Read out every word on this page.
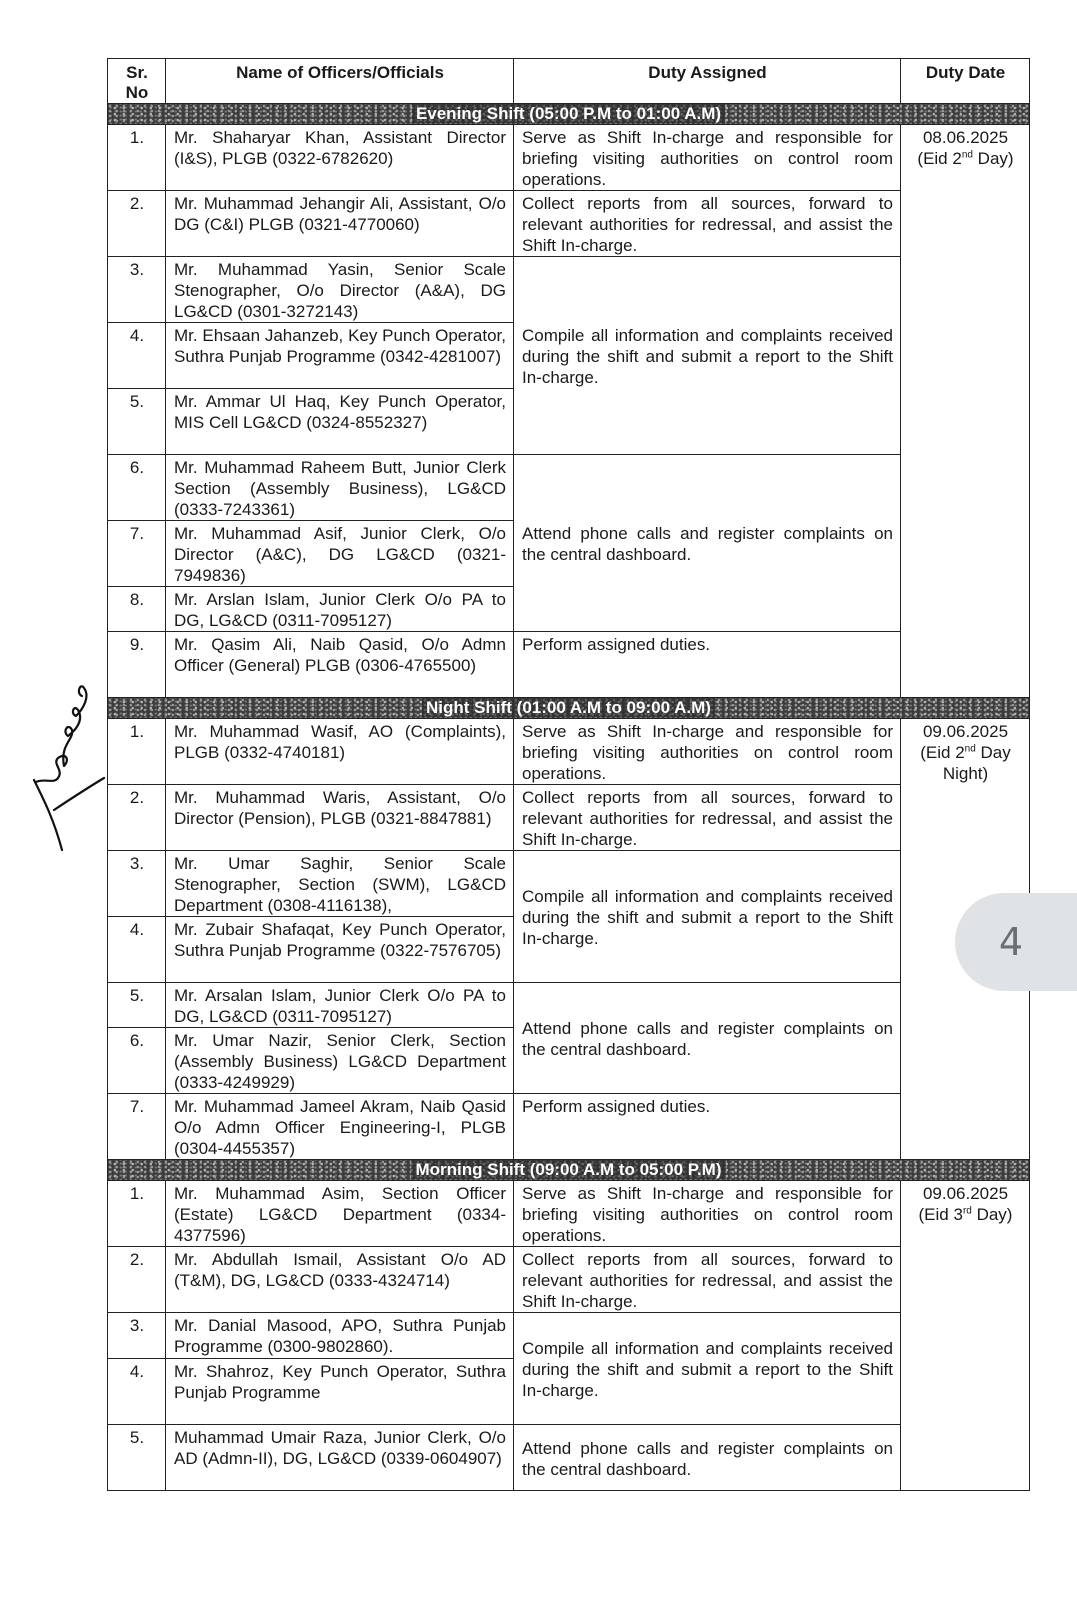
Sr. No	Name of Officers/Officials	Duty Assigned	Duty Date
Evening Shift (05:00 P.M to 01:00 A.M)			
1.	Mr. Shaharyar Khan, Assistant Director (I&S), PLGB (0322-6782620)	Serve as Shift In-charge and responsible for briefing visiting authorities on control room operations.	08.06.2025
(Eid 2nd Day)

2.	Mr. Muhammad Jehangir Ali, Assistant, O/o DG (C&I) PLGB (0321-4770060)	Collect reports from all sources, forward to relevant authorities for redressal, and assist the Shift In-charge.	
3.	Mr. Muhammad Yasin, Senior Scale Stenographer, O/o Director (A&A), DG LG&CD (0301-3272143)	Compile all information and complaints received during the shift and submit a report to the Shift In-charge.	
4.	Mr. Ehsaan Jahanzeb, Key Punch Operator, Suthra Punjab Programme (0342-4281007)		
5.	Mr. Ammar Ul Haq, Key Punch Operator, MIS Cell LG&CD (0324-8552327)		
6.	Mr. Muhammad Raheem Butt, Junior Clerk Section (Assembly Business), LG&CD (0333-7243361)	Attend phone calls and register complaints on the central dashboard.	
7.	Mr. Muhammad Asif, Junior Clerk, O/o Director (A&C), DG LG&CD (0321-7949836)		
8.	Mr. Arslan Islam, Junior Clerk O/o PA to DG, LG&CD (0311-7095127)		
9.	Mr. Qasim Ali, Naib Qasid, O/o Admn Officer (General) PLGB (0306-4765500)	Perform assigned duties.	
Night Shift (01:00 A.M to 09:00 A.M)			
1.	Mr. Muhammad Wasif, AO (Complaints), PLGB (0332-4740181)	Serve as Shift In-charge and responsible for briefing visiting authorities on control room operations.	09.06.2025
(Eid 2nd Day Night)

2.	Mr. Muhammad Waris, Assistant, O/o Director (Pension), PLGB (0321-8847881)	Collect reports from all sources, forward to relevant authorities for redressal, and assist the Shift In-charge.	
3.	Mr. Umar Saghir, Senior Scale Stenographer, Section (SWM), LG&CD Department (0308-4116138),	Compile all information and complaints received during the shift and submit a report to the Shift In-charge.	
4.	Mr. Zubair Shafaqat, Key Punch Operator, Suthra Punjab Programme (0322-7576705)		
5.	Mr. Arsalan Islam, Junior Clerk O/o PA to DG, LG&CD (0311-7095127)	Attend phone calls and register complaints on the central dashboard.	
6.	Mr. Umar Nazir, Senior Clerk, Section (Assembly Business) LG&CD Department (0333-4249929)		
7.	Mr. Muhammad Jameel Akram, Naib Qasid O/o Admn Officer Engineering-I, PLGB (0304-4455357)	Perform assigned duties.	
Morning Shift (09:00 A.M to 05:00 P.M)			
1.	Mr. Muhammad Asim, Section Officer (Estate) LG&CD Department (0334-4377596)	Serve as Shift In-charge and responsible for briefing visiting authorities on control room operations.	09.06.2025
(Eid 3rd Day)

2.	Mr. Abdullah Ismail, Assistant O/o AD (T&M), DG, LG&CD (0333-4324714)	Collect reports from all sources, forward to relevant authorities for redressal, and assist the Shift In-charge.	
3.	Mr. Danial Masood, APO, Suthra Punjab Programme (0300-9802860).	Compile all information and complaints received during the shift and submit a report to the Shift In-charge.	
4.	Mr. Shahroz, Key Punch Operator, Suthra Punjab Programme		
5.	Muhammad Umair Raza, Junior Clerk, O/o AD (Admn-II), DG, LG&CD (0339-0604907)	Attend phone calls and register complaints on the central dashboard.	
4
